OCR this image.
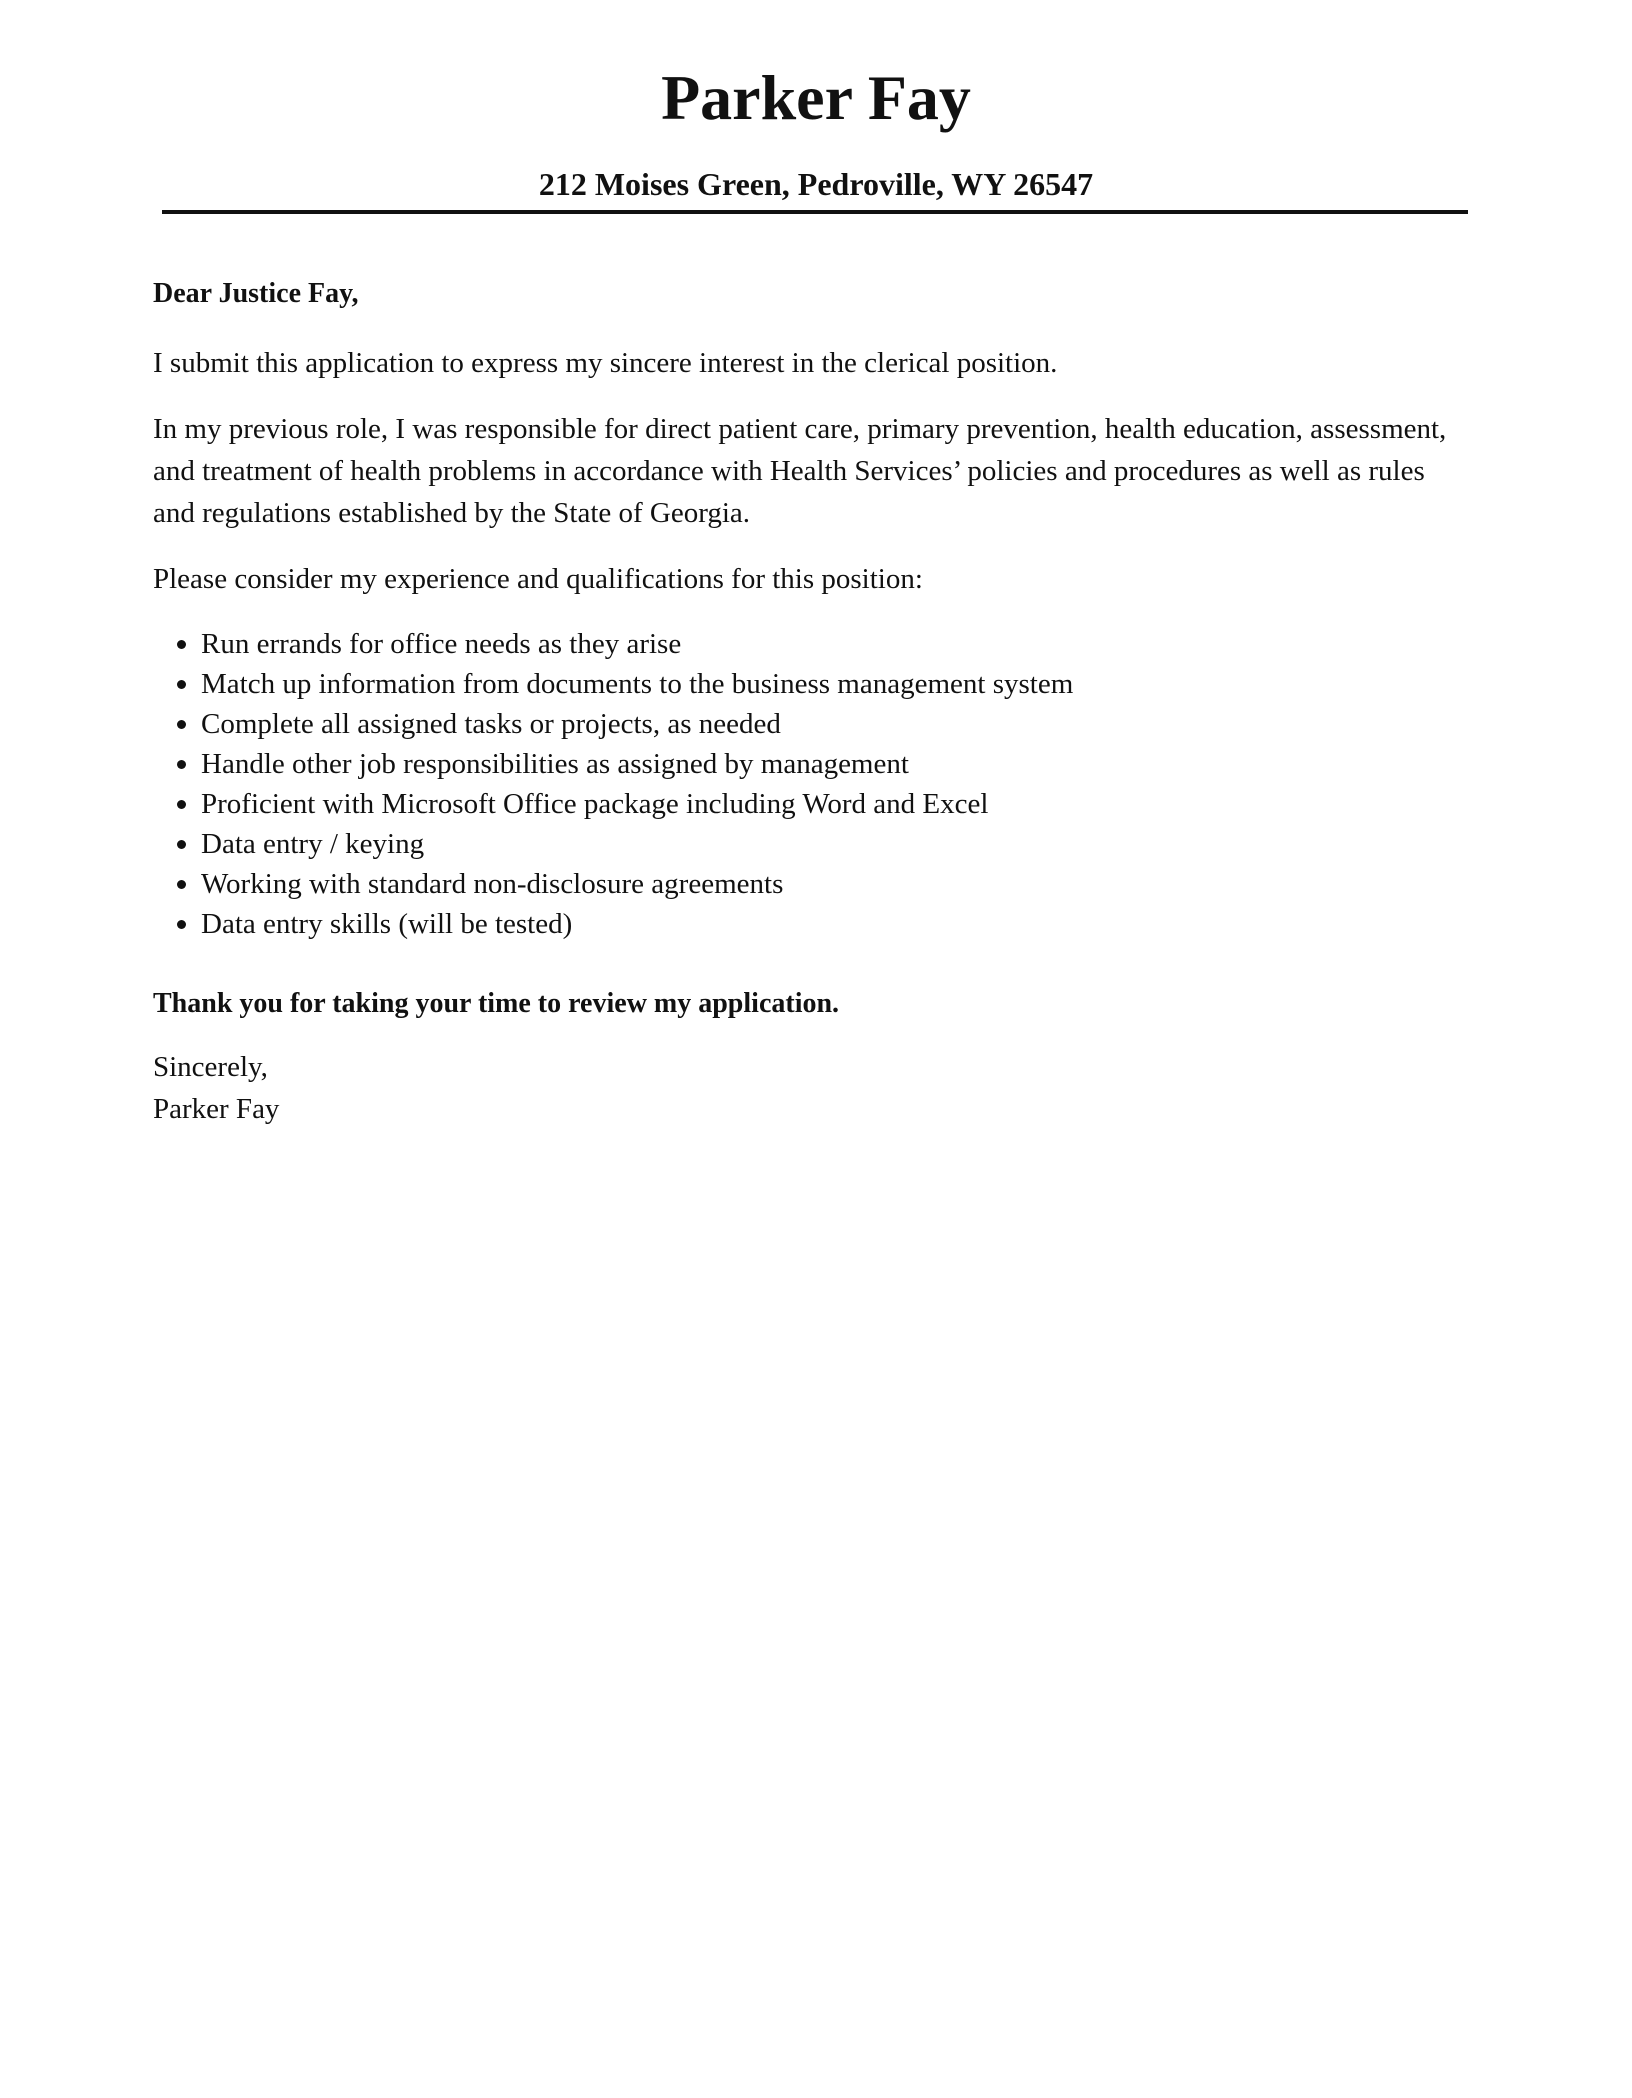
Parker Fay
212 Moises Green, Pedroville, WY 26547

Dear Justice Fay,

I submit this application to express my sincere interest in the clerical position.

In my previous role, I was responsible for direct patient care, primary prevention, health education, assessment, and treatment of health problems in accordance with Health Services’ policies and procedures as well as rules and regulations established by the State of Georgia.

Please consider my experience and qualifications for this position:

Run errands for office needs as they arise
Match up information from documents to the business management system
Complete all assigned tasks or projects, as needed
Handle other job responsibilities as assigned by management
Proficient with Microsoft Office package including Word and Excel
Data entry / keying
Working with standard non-disclosure agreements
Data entry skills (will be tested)

Thank you for taking your time to review my application.

Sincerely,

Parker Fay
